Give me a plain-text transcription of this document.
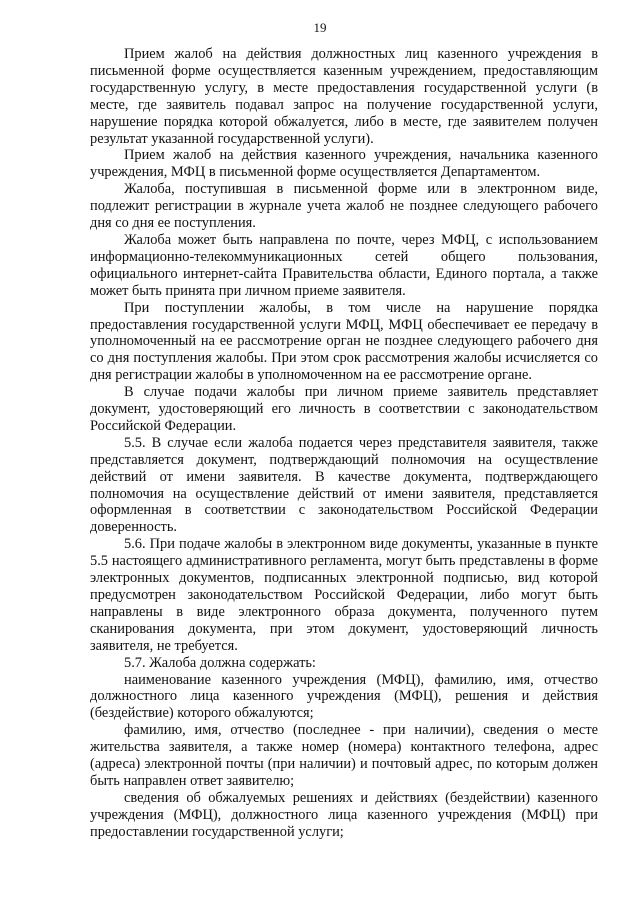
19

Прием жалоб на действия должностных лиц казенного учреждения в письменной форме осуществляется казенным учреждением, предоставляющим государственную услугу, в месте предоставления государственной услуги (в месте, где заявитель подавал запрос на получение государственной услуги, нарушение порядка которой обжалуется, либо в месте, где заявителем получен результат указанной государственной услуги).

Прием жалоб на действия казенного учреждения, начальника казенного учреждения, МФЦ в письменной форме осуществляется Департаментом.

Жалоба, поступившая в письменной форме или в электронном виде, подлежит регистрации в журнале учета жалоб не позднее следующего рабочего дня со дня ее поступления.

Жалоба может быть направлена по почте, через МФЦ, с использованием информационно-телекоммуникационных сетей общего пользования, официального интернет-сайта Правительства области, Единого портала, а также может быть принята при личном приеме заявителя.

При поступлении жалобы, в том числе на нарушение порядка предоставления государственной услуги МФЦ, МФЦ обеспечивает ее передачу в уполномоченный на ее рассмотрение орган не позднее следующего рабочего дня со дня поступления жалобы. При этом срок рассмотрения жалобы исчисляется со дня регистрации жалобы в уполномоченном на ее рассмотрение органе.

В случае подачи жалобы при личном приеме заявитель представляет документ, удостоверяющий его личность в соответствии с законодательством Российской Федерации.

5.5. В случае если жалоба подается через представителя заявителя, также представляется документ, подтверждающий полномочия на осуществление действий от имени заявителя. В качестве документа, подтверждающего полномочия на осуществление действий от имени заявителя, представляется оформленная в соответствии с законодательством Российской Федерации доверенность.

5.6. При подаче жалобы в электронном виде документы, указанные в пункте 5.5 настоящего административного регламента, могут быть представлены в форме электронных документов, подписанных электронной подписью, вид которой предусмотрен законодательством Российской Федерации, либо могут быть направлены в виде электронного образа документа, полученного путем сканирования документа, при этом документ, удостоверяющий личность заявителя, не требуется.

5.7. Жалоба должна содержать:

наименование казенного учреждения (МФЦ), фамилию, имя, отчество должностного лица казенного учреждения (МФЦ), решения и действия (бездействие) которого обжалуются;

фамилию, имя, отчество (последнее - при наличии), сведения о месте жительства заявителя, а также номер (номера) контактного телефона, адрес (адреса) электронной почты (при наличии) и почтовый адрес, по которым должен быть направлен ответ заявителю;

сведения об обжалуемых решениях и действиях (бездействии) казенного учреждения (МФЦ), должностного лица казенного учреждения (МФЦ) при предоставлении государственной услуги;
